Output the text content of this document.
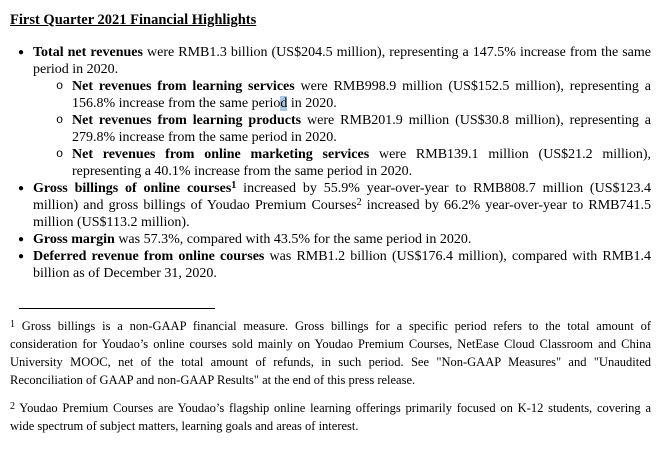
First Quarter 2021 Financial Highlights
● Total net revenues were RMB1.3 billion (US$204.5 million), representing a 147.5% increase from the same period in 2020.
o Net revenues from learning services were RMB998.9 million (US$152.5 million), representing a 156.8% increase from the same period in 2020.
o Net revenues from learning products were RMB201.9 million (US$30.8 million), representing a 279.8% increase from the same period in 2020.
o Net revenues from online marketing services were RMB139.1 million (US$21.2 million), representing a 40.1% increase from the same period in 2020.
● Gross billings of online courses$^1$ increased by 55.9% year-over-year to RMB808.7 million (US$123.4 million) and gross billings of Youdao Premium Courses$^2$ increased by 66.2% year-over-year to RMB741.5 million (US$113.2 million).
● Gross margin was 57.3%, compared with 43.5% for the same period in 2020.
● Deferred revenue from online courses was RMB1.2 billion (US$176.4 million), compared with RMB1.4 billion as of December 31, 2020.
$^1$ Gross billings is a non-GAAP financial measure. Gross billings for a specific period refers to the total amount of consideration for Youdao’s online courses sold mainly on Youdao Premium Courses, NetEase Cloud Classroom and China University MOOC, net of the total amount of refunds, in such period. See "Non-GAAP Measures" and "Unaudited Reconciliation of GAAP and non-GAAP Results" at the end of this press release.
$^2$ Youdao Premium Courses are Youdao’s flagship online learning offerings primarily focused on K-12 students, covering a wide spectrum of subject matters, learning goals and areas of interest.
